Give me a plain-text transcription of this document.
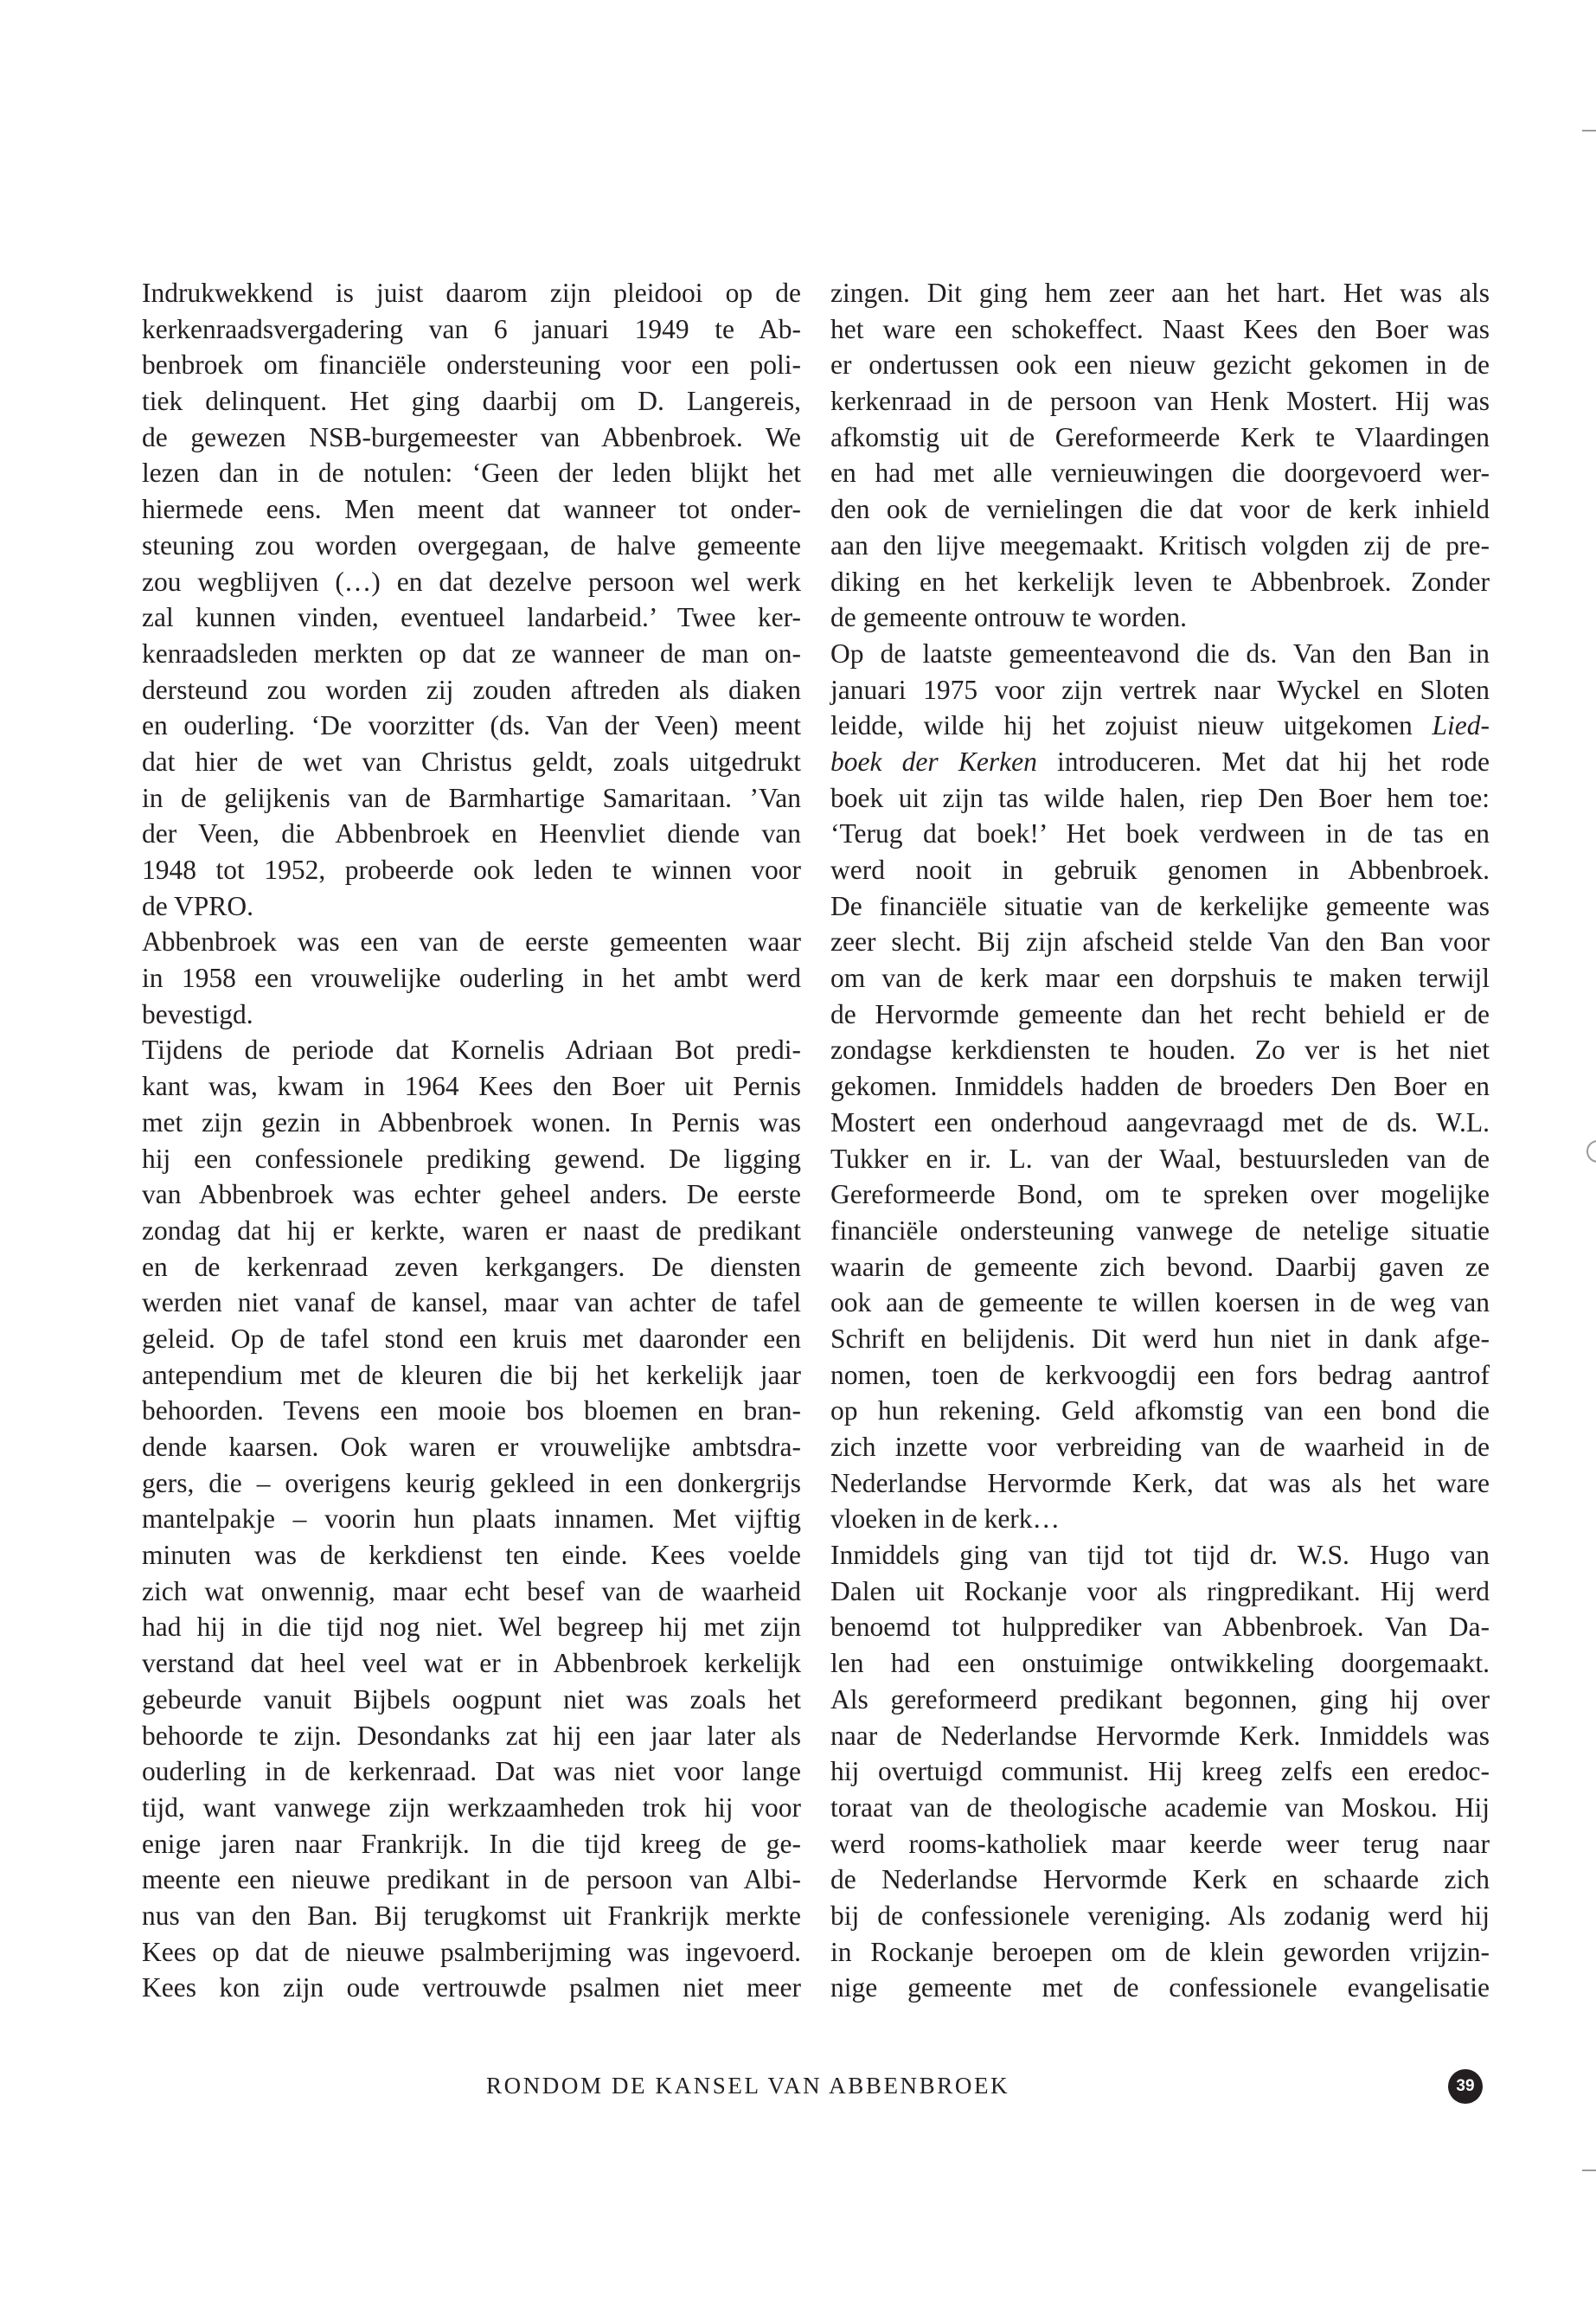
Indrukwekkend is juist daarom zijn pleidooi op de
kerkenraadsvergadering van 6 januari 1949 te Ab-
benbroek om financiële ondersteuning voor een poli-
tiek delinquent. Het ging daarbij om D. Langereis,
de gewezen NSB-burgemeester van Abbenbroek. We
lezen dan in de notulen: ‘Geen der leden blijkt het
hiermede eens. Men meent dat wanneer tot onder-
steuning zou worden overgegaan, de halve gemeente
zou wegblijven (…) en dat dezelve persoon wel werk
zal kunnen vinden, eventueel landarbeid.’ Twee ker-
kenraadsleden merkten op dat ze wanneer de man on-
dersteund zou worden zij zouden aftreden als diaken
en ouderling. ‘De voorzitter (ds. Van der Veen) meent
dat hier de wet van Christus geldt, zoals uitgedrukt
in de gelijkenis van de Barmhartige Samaritaan. ’Van
der Veen, die Abbenbroek en Heenvliet diende van
1948 tot 1952, probeerde ook leden te winnen voor
de VPRO.
Abbenbroek was een van de eerste gemeenten waar
in 1958 een vrouwelijke ouderling in het ambt werd
bevestigd.
Tijdens de periode dat Kornelis Adriaan Bot predi-
kant was, kwam in 1964 Kees den Boer uit Pernis
met zijn gezin in Abbenbroek wonen. In Pernis was
hij een confessionele prediking gewend. De ligging
van Abbenbroek was echter geheel anders. De eerste
zondag dat hij er kerkte, waren er naast de predikant
en de kerkenraad zeven kerkgangers. De diensten
werden niet vanaf de kansel, maar van achter de tafel
geleid. Op de tafel stond een kruis met daaronder een
antependium met de kleuren die bij het kerkelijk jaar
behoorden. Tevens een mooie bos bloemen en bran-
dende kaarsen. Ook waren er vrouwelijke ambtsdra-
gers, die – overigens keurig gekleed in een donkergrijs
mantelpakje – voorin hun plaats innamen. Met vijftig
minuten was de kerkdienst ten einde. Kees voelde
zich wat onwennig, maar echt besef van de waarheid
had hij in die tijd nog niet. Wel begreep hij met zijn
verstand dat heel veel wat er in Abbenbroek kerkelijk
gebeurde vanuit Bijbels oogpunt niet was zoals het
behoorde te zijn. Desondanks zat hij een jaar later als
ouderling in de kerkenraad. Dat was niet voor lange
tijd, want vanwege zijn werkzaamheden trok hij voor
enige jaren naar Frankrijk. In die tijd kreeg de ge-
meente een nieuwe predikant in de persoon van Albi-
nus van den Ban. Bij terugkomst uit Frankrijk merkte
Kees op dat de nieuwe psalmberijming was ingevoerd.
Kees kon zijn oude vertrouwde psalmen niet meer
zingen. Dit ging hem zeer aan het hart. Het was als
het ware een schokeffect. Naast Kees den Boer was
er ondertussen ook een nieuw gezicht gekomen in de
kerkenraad in de persoon van Henk Mostert. Hij was
afkomstig uit de Gereformeerde Kerk te Vlaardingen
en had met alle vernieuwingen die doorgevoerd wer-
den ook de vernielingen die dat voor de kerk inhield
aan den lijve meegemaakt. Kritisch volgden zij de pre-
diking en het kerkelijk leven te Abbenbroek. Zonder
de gemeente ontrouw te worden.
Op de laatste gemeenteavond die ds. Van den Ban in
januari 1975 voor zijn vertrek naar Wyckel en Sloten
leidde, wilde hij het zojuist nieuw uitgekomen Lied-
boek der Kerken introduceren. Met dat hij het rode
boek uit zijn tas wilde halen, riep Den Boer hem toe:
‘Terug dat boek!’ Het boek verdween in de tas en
werd nooit in gebruik genomen in Abbenbroek.
De financiële situatie van de kerkelijke gemeente was
zeer slecht. Bij zijn afscheid stelde Van den Ban voor
om van de kerk maar een dorpshuis te maken terwijl
de Hervormde gemeente dan het recht behield er de
zondagse kerkdiensten te houden. Zo ver is het niet
gekomen. Inmiddels hadden de broeders Den Boer en
Mostert een onderhoud aangevraagd met de ds. W.L.
Tukker en ir. L. van der Waal, bestuursleden van de
Gereformeerde Bond, om te spreken over mogelijke
financiële ondersteuning vanwege de netelige situatie
waarin de gemeente zich bevond. Daarbij gaven ze
ook aan de gemeente te willen koersen in de weg van
Schrift en belijdenis. Dit werd hun niet in dank afge-
nomen, toen de kerkvoogdij een fors bedrag aantrof
op hun rekening. Geld afkomstig van een bond die
zich inzette voor verbreiding van de waarheid in de
Nederlandse Hervormde Kerk, dat was als het ware
vloeken in de kerk…
Inmiddels ging van tijd tot tijd dr. W.S. Hugo van
Dalen uit Rockanje voor als ringpredikant. Hij werd
benoemd tot hulpprediker van Abbenbroek. Van Da-
len had een onstuimige ontwikkeling doorgemaakt.
Als gereformeerd predikant begonnen, ging hij over
naar de Nederlandse Hervormde Kerk. Inmiddels was
hij overtuigd communist. Hij kreeg zelfs een eredoc-
toraat van de theologische academie van Moskou. Hij
werd rooms-katholiek maar keerde weer terug naar
de Nederlandse Hervormde Kerk en schaarde zich
bij de confessionele vereniging. Als zodanig werd hij
in Rockanje beroepen om de klein geworden vrijzin-
nige gemeente met de confessionele evangelisatie
RONDOM DE KANSEL VAN ABBENBROEK	39
